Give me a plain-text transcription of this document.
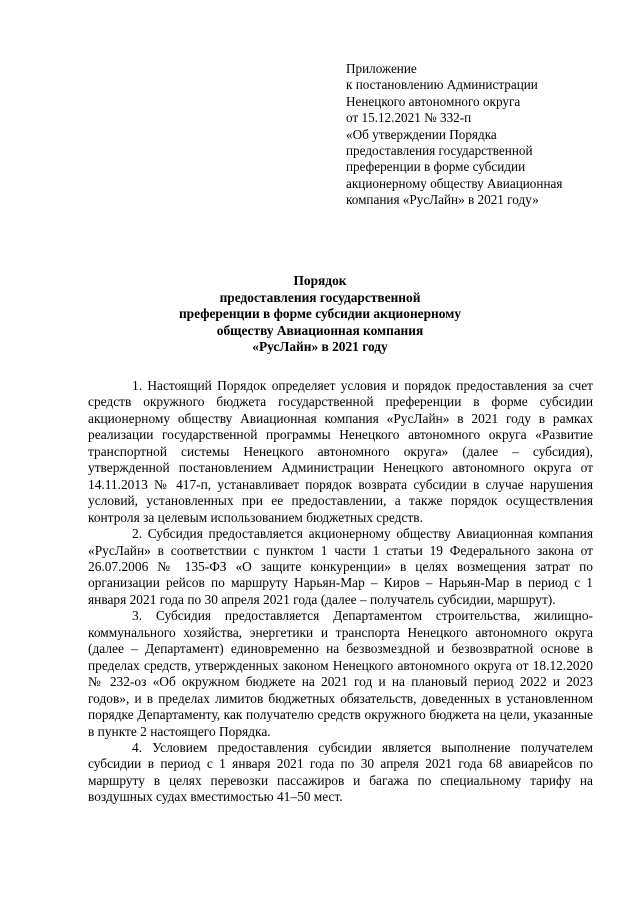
Приложение
к постановлению Администрации
Ненецкого автономного округа
от 15.12.2021 № 332-п
«Об утверждении Порядка
предоставления государственной
преференции в форме субсидии
акционерному обществу Авиационная
компания «РусЛайн» в 2021 году»
Порядок
предоставления государственной
преференции в форме субсидии акционерному
обществу Авиационная компания
«РусЛайн» в 2021 году

1. Настоящий Порядок определяет условия и порядок предоставления за счет средств окружного бюджета государственной преференции в форме субсидии акционерному обществу Авиационная компания «РусЛайн» в 2021 году в рамках реализации государственной программы Ненецкого автономного округа «Развитие транспортной системы Ненецкого автономного округа» (далее – субсидия), утвержденной постановлением Администрации Ненецкого автономного округа от 14.11.2013 № 417-п, устанавливает порядок возврата субсидии в случае нарушения условий, установленных при ее предоставлении, а также порядок осуществления контроля за целевым использованием бюджетных средств.

2. Субсидия предоставляется акционерному обществу Авиационная компания «РусЛайн» в соответствии с пунктом 1 части 1 статьи 19 Федерального закона от 26.07.2006 № 135-ФЗ «О защите конкуренции» в целях возмещения затрат по организации рейсов по маршруту Нарьян-Мар – Киров – Нарьян-Мар в период с 1 января 2021 года по 30 апреля 2021 года (далее – получатель субсидии, маршрут).

3. Субсидия предоставляется Департаментом строительства, жилищно-коммунального хозяйства, энергетики и транспорта Ненецкого автономного округа (далее – Департамент) единовременно на безвозмездной и безвозвратной основе в пределах средств, утвержденных законом Ненецкого автономного округа от 18.12.2020 № 232-оз «Об окружном бюджете на 2021 год и на плановый период 2022 и 2023 годов», и в пределах лимитов бюджетных обязательств, доведенных в установленном порядке Департаменту, как получателю средств окружного бюджета на цели, указанные в пункте 2 настоящего Порядка.

4. Условием предоставления субсидии является выполнение получателем субсидии в период с 1 января 2021 года по 30 апреля 2021 года 68 авиарейсов по маршруту в целях перевозки пассажиров и багажа по специальному тарифу на воздушных судах вместимостью 41–50 мест.
